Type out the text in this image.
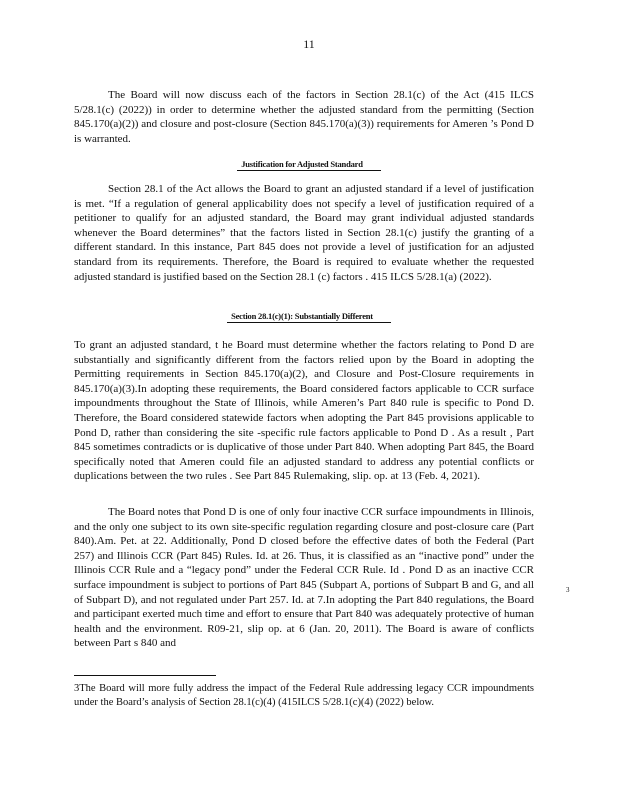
11

The Board will now discuss each of the factors in Section 28.1(c) of the Act (415 ILCS 5/28.1(c) (2022)) in order to determine whether the adjusted standard from the permitting (Section 845.170(a)(2)) and closure and post-closure (Section 845.170(a)(3)) requirements for Ameren ’s Pond D is warranted.

Justification for Adjusted Standard

Section 28.1 of the Act allows the Board to grant an adjusted standard if a level of justification is met. “If a regulation of general applicability does not specify a level of justification required of a petitioner to qualify for an adjusted standard, the Board may grant individual adjusted standards whenever the Board determines” that the factors listed in Section 28.1(c) justify the granting of a different standard. In this instance, Part 845 does not provide a level of justification for an adjusted standard from its requirements. Therefore, the Board is required to evaluate whether the requested adjusted standard is justified based on the Section 28.1 (c) factors . 415 ILCS 5/28.1(a) (2022).

Section 28.1(c)(1): Substantially Different

To grant an adjusted standard, t he Board must determine whether the factors relating to Pond D are substantially and significantly different from the factors relied upon by the Board in adopting the Permitting requirements in Section 845.170(a)(2), and Closure and Post-Closure requirements in 845.170(a)(3).In adopting these requirements, the Board considered factors applicable to CCR surface impoundments throughout the State of Illinois, while Ameren’s Part 840 rule is specific to Pond D. Therefore, the Board considered statewide factors when adopting the Part 845 provisions applicable to Pond D, rather than considering the site -specific rule factors applicable to Pond D . As a result , Part 845 sometimes contradicts or is duplicative of those under Part 840. When adopting Part 845, the Board specifically noted that Ameren could file an adjusted standard to address any potential conflicts or duplications between the two rules . See Part 845 Rulemaking, slip. op. at 13 (Feb. 4, 2021).

The Board notes that Pond D is one of only four inactive CCR surface impoundments in Illinois, and the only one subject to its own site-specific regulation regarding closure and post-closure care (Part 840).Am. Pet. at 22. Additionally, Pond D closed before the effective dates of both the Federal (Part 257) and Illinois CCR (Part 845) Rules. Id. at 26. Thus, it is classified as an “inactive pond” under the Illinois CCR Rule and a “legacy pond” under the Federal CCR Rule. Id . Pond D as an inactive CCR surface impoundment is subject to portions of Part 845 (Subpart A, portions of Subpart B and G, and all of Subpart D), and not regulated under Part 257. Id. at 7.In adopting the Part 840 regulations, the Board and participant exerted much time and effort to ensure that Part 840 was adequately protective of human health and the environment. R09-21, slip op. at 6 (Jan. 20, 2011). The Board is aware of conflicts between Part s 840 and

3

3The Board will more fully address the impact of the Federal Rule addressing legacy CCR impoundments under the Board’s analysis of Section 28.1(c)(4) (415ILCS 5/28.1(c)(4) (2022) below.
